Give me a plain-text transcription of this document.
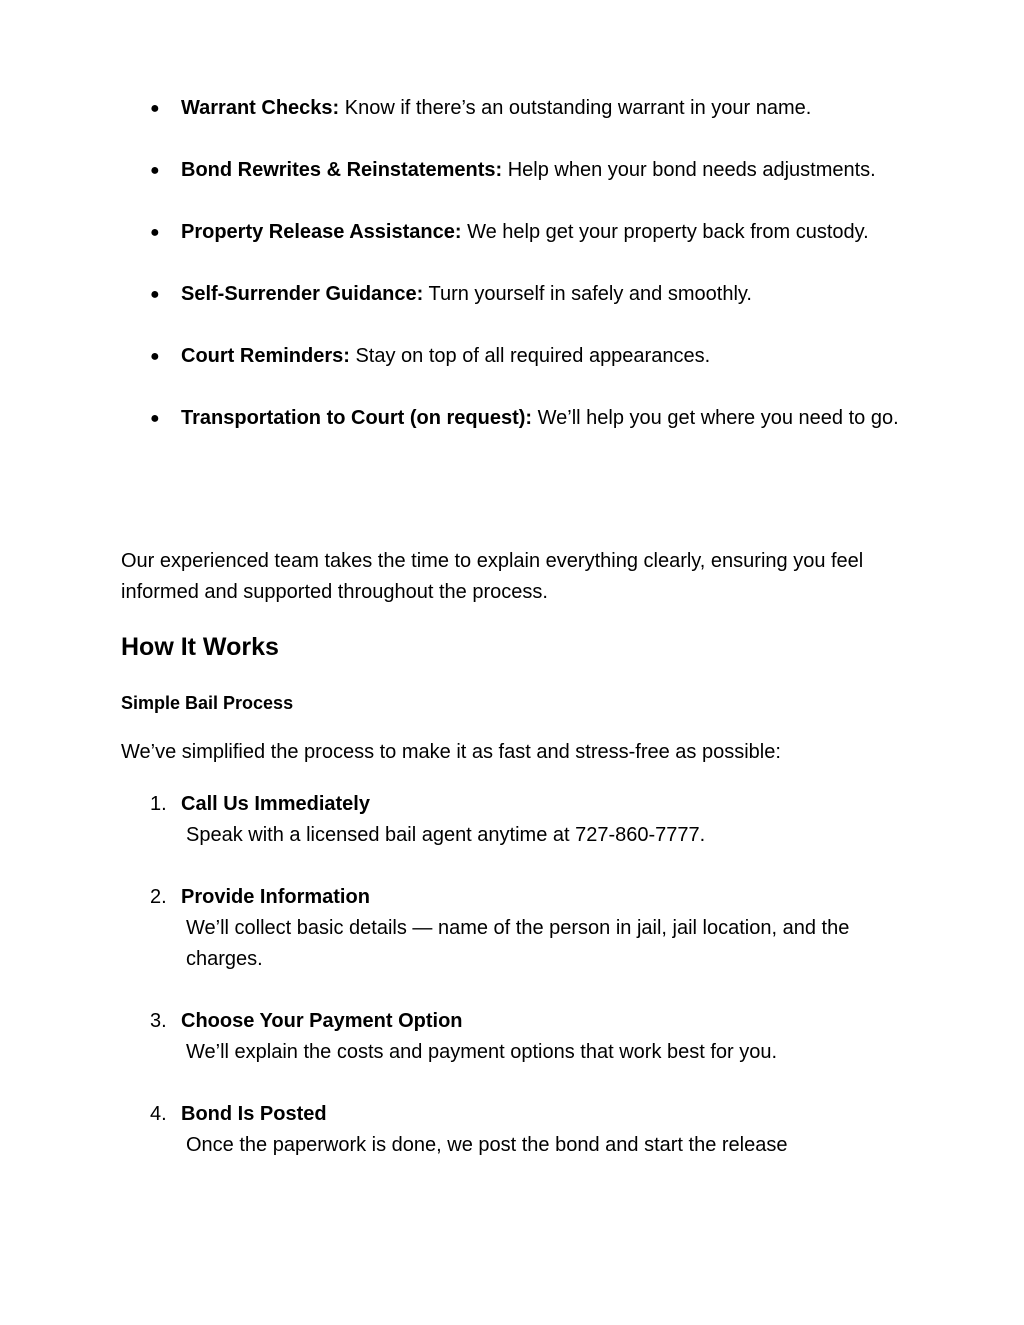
●	Warrant Checks: Know if there’s an outstanding warrant in your name.
●	Bond Rewrites & Reinstatements: Help when your bond needs adjustments.
●	Property Release Assistance: We help get your property back from custody.
●	Self-Surrender Guidance: Turn yourself in safely and smoothly.
●	Court Reminders: Stay on top of all required appearances.
●	Transportation to Court (on request): We’ll help you get where you need to go.

Our experienced team takes the time to explain everything clearly, ensuring you feel informed and supported throughout the process.

How It Works
Simple Bail Process

We’ve simplified the process to make it as fast and stress-free as possible:

1. Call Us Immediately
Speak with a licensed bail agent anytime at 727-860-7777.
2. Provide Information
We’ll collect basic details — name of the person in jail, jail location, and the charges.
3. Choose Your Payment Option
We’ll explain the costs and payment options that work best for you.
4. Bond Is Posted
Once the paperwork is done, we post the bond and start the release
